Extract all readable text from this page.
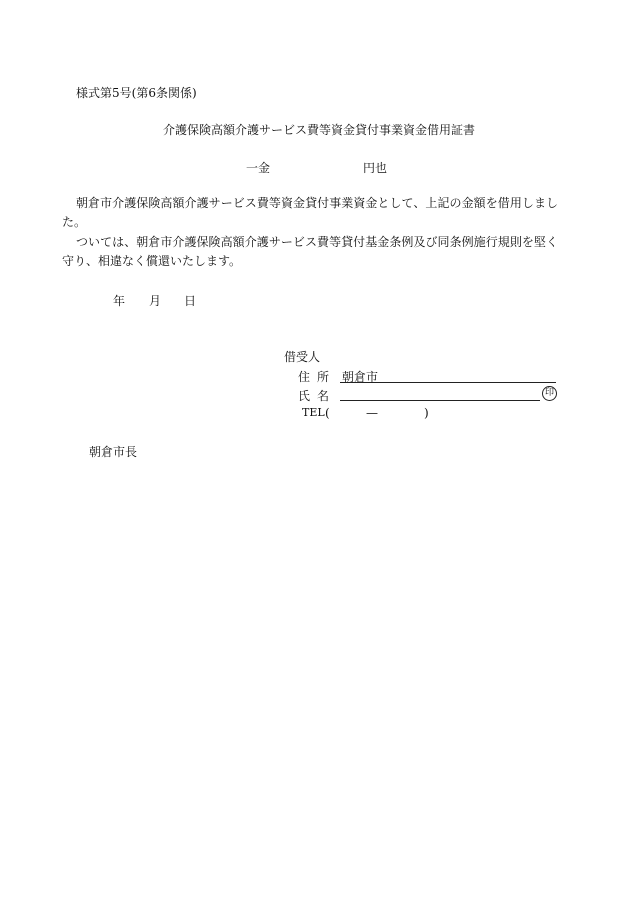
様式第5号(第6条関係)
介護保険高額介護サービス費等資金貸付事業資金借用証書
一金	円也
朝倉市介護保険高額介護サービス費等資金貸付事業資金として、上記の金額を借用しました。
ついては、朝倉市介護保険高額介護サービス費等貸付基金条例及び同条例施行規則を堅く守り、相違なく償還いたします。
年 月 日
借受人
住所 朝倉市
氏名	印
TEL (	—	)
朝倉市長
